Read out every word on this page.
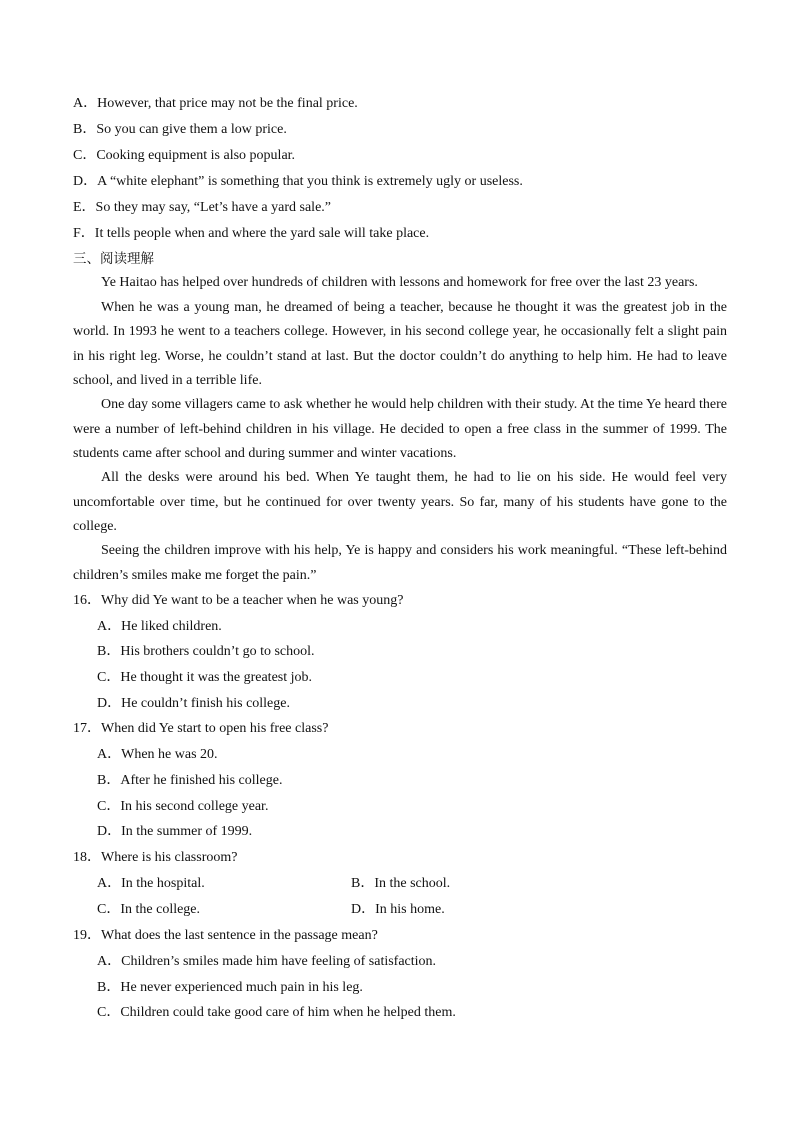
A．However, that price may not be the final price.
B．So you can give them a low price.
C．Cooking equipment is also popular.
D．A “white elephant” is something that you think is extremely ugly or useless.
E．So they may say, “Let’s have a yard sale.”
F．It tells people when and where the yard sale will take place.
三、阅读理解
Ye Haitao has helped over hundreds of children with lessons and homework for free over the last 23 years.
When he was a young man, he dreamed of being a teacher, because he thought it was the greatest job in the
world. In 1993 he went to a teachers college. However, in his second college year, he occasionally felt a slight pain
in his right leg. Worse, he couldn’t stand at last. But the doctor couldn’t do anything to help him. He had to leave
school, and lived in a terrible life.
One day some villagers came to ask whether he would help children with their study. At the time Ye heard there
were a number of left-behind children in his village. He decided to open a free class in the summer of 1999. The
students came after school and during summer and winter vacations.
All the desks were around his bed. When Ye taught them, he had to lie on his side. He would feel very
uncomfortable over time, but he continued for over twenty years. So far, many of his students have gone to the
college.
Seeing the children improve with his help, Ye is happy and considers his work meaningful. “These left-behind
children’s smiles make me forget the pain.”
16．Why did Ye want to be a teacher when he was young?
A．He liked children.
B．His brothers couldn’t go to school.
C．He thought it was the greatest job.
D．He couldn’t finish his college.
17．When did Ye start to open his free class?
A．When he was 20.
B．After he finished his college.
C．In his second college year.
D．In the summer of 1999.
18．Where is his classroom?
A．In the hospital.	B．In the school.
C．In the college.	D．In his home.
19．What does the last sentence in the passage mean?
A．Children’s smiles made him have feeling of satisfaction.
B．He never experienced much pain in his leg.
C．Children could take good care of him when he helped them.
